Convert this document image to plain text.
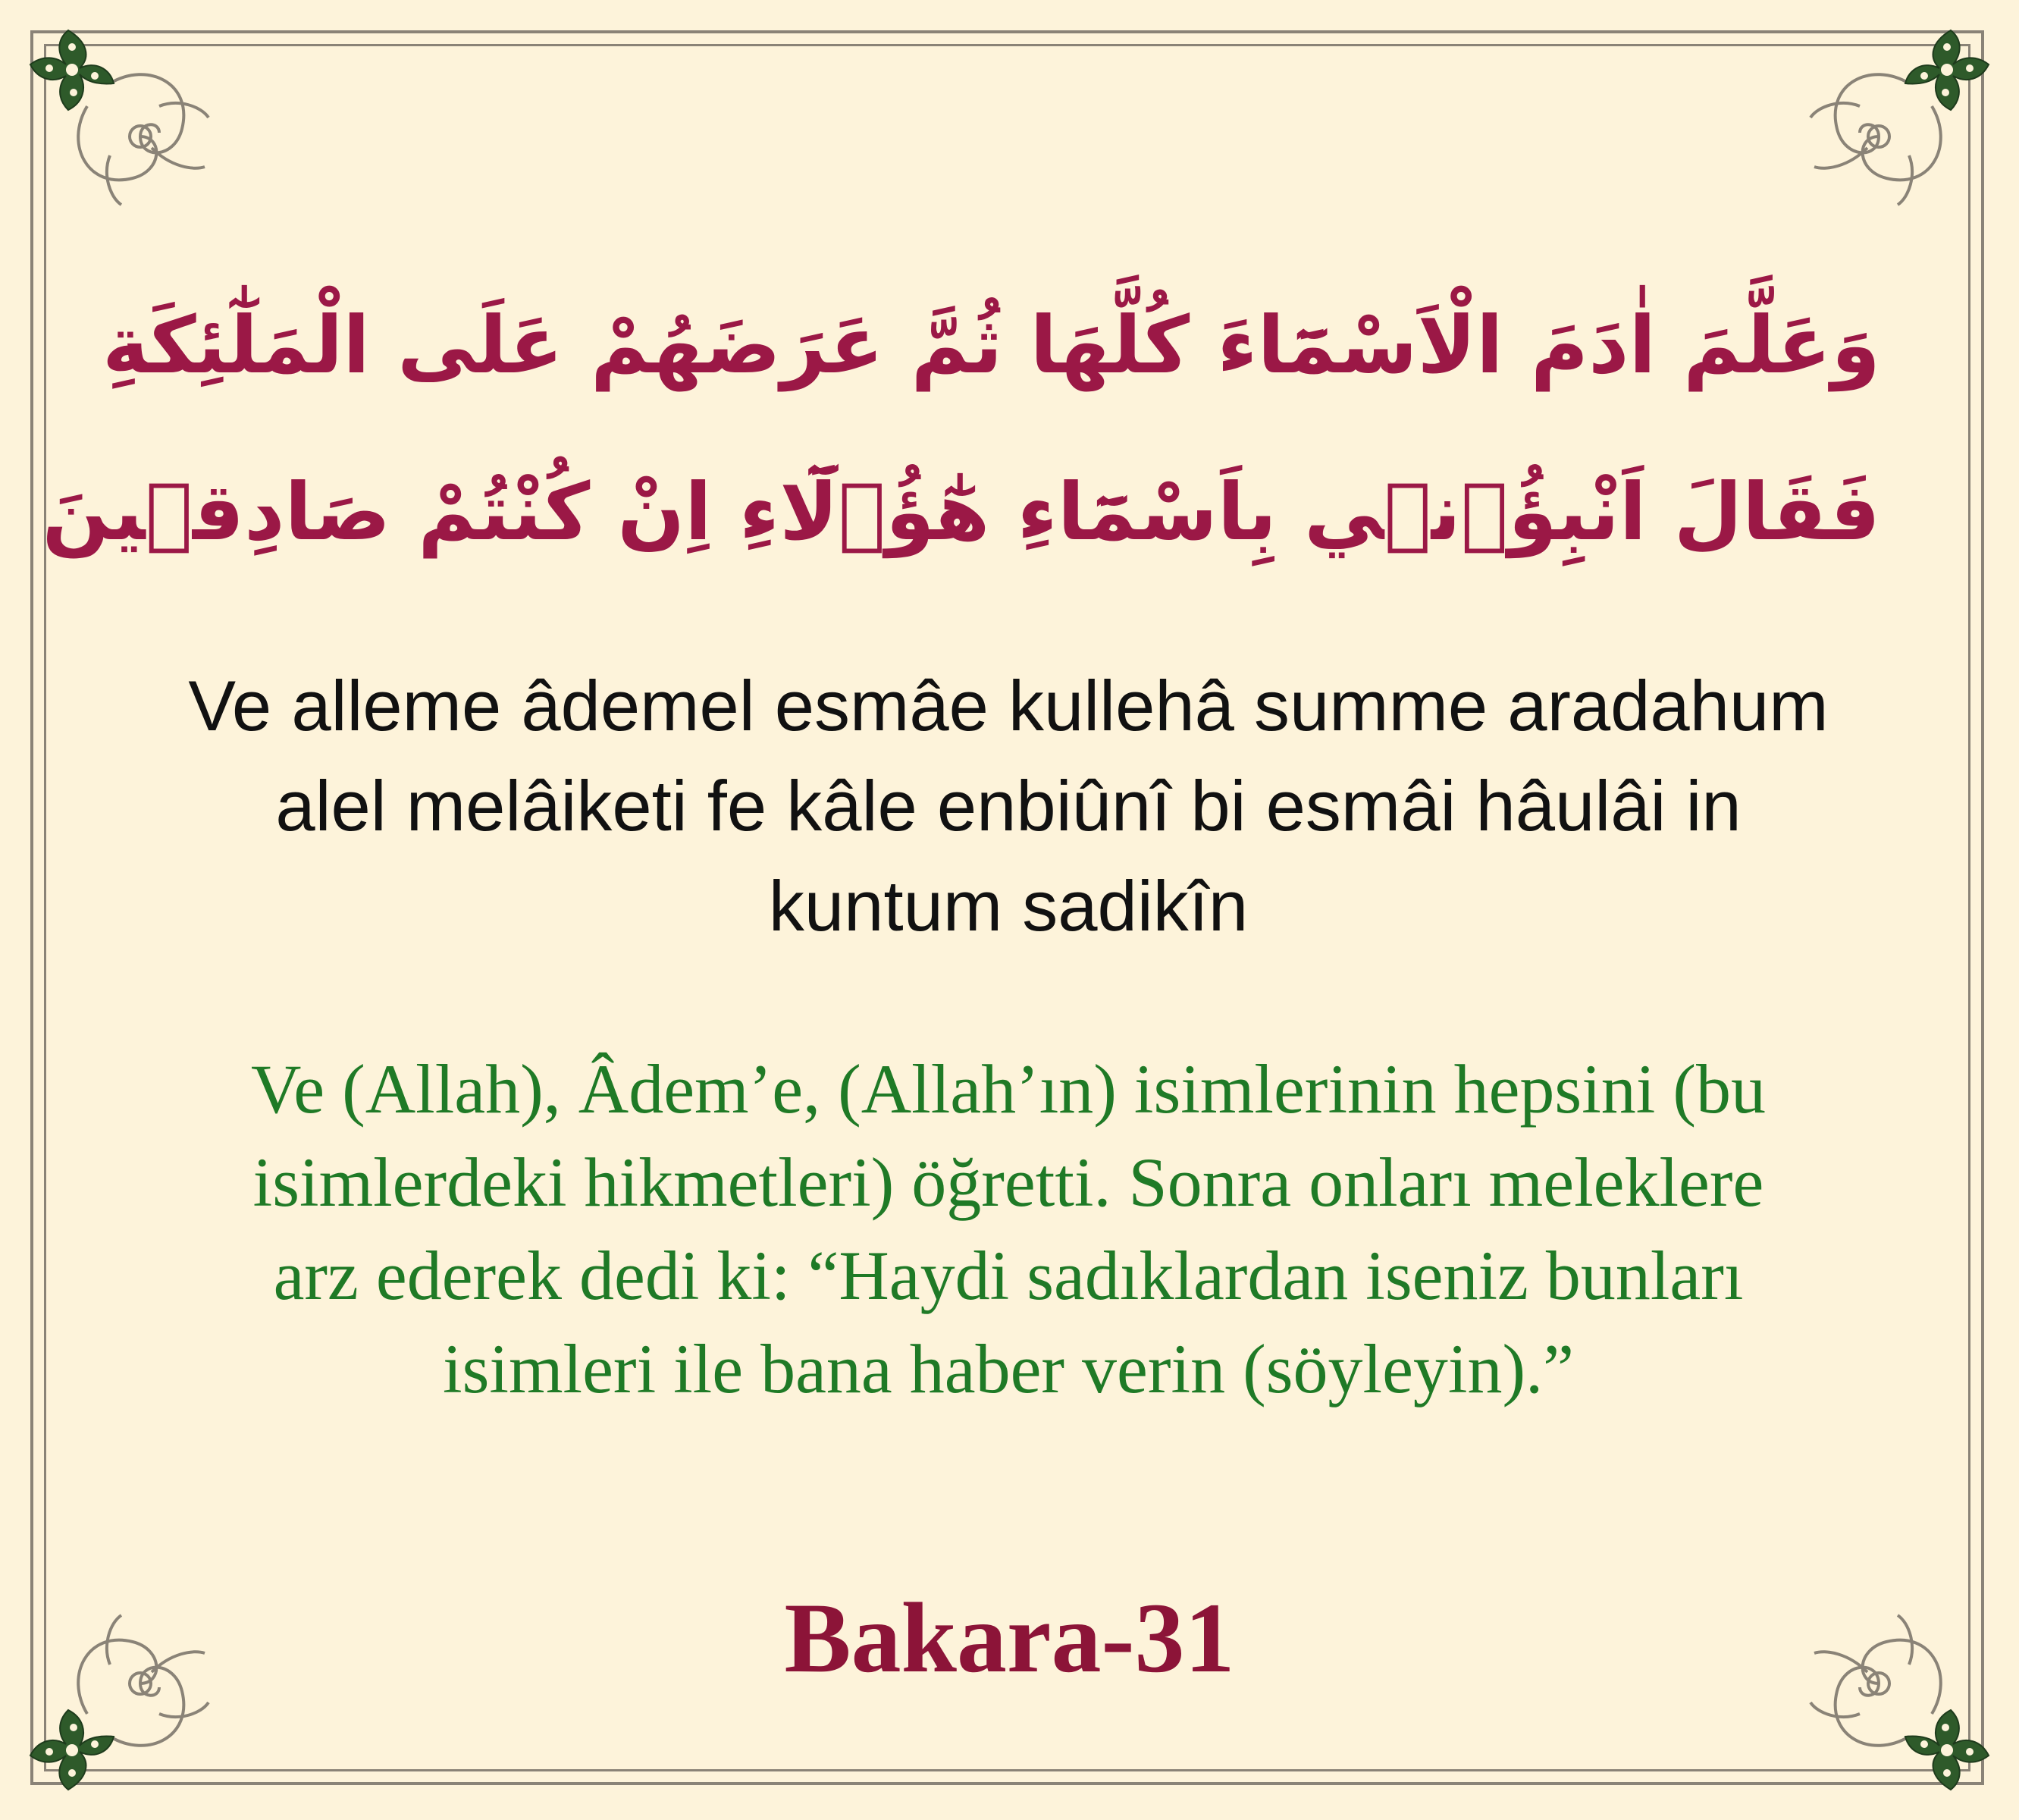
وَعَلَّمَ اٰدَمَ الْاَسْمَٓاءَ كُلَّهَا ثُمَّ عَرَضَهُمْ عَلَى الْمَلٰٓئِكَةِ
فَقَالَ اَنْبِؤُ۫ن۪ي بِاَسْمَٓاءِ هٰٓؤُ۬لَٓاءِ اِنْ كُنْتُمْ صَادِق۪ينَ
Ve alleme âdemel esmâe kullehâ summe aradahum
alel melâiketi fe kâle enbiûnî bi esmâi hâulâi in
kuntum sadikîn
Ve (Allah), Âdem’e, (Allah’ın) isimlerinin hepsini (bu
isimlerdeki hikmetleri) öğretti. Sonra onları meleklere
arz ederek dedi ki: “Haydi sadıklardan iseniz bunları
isimleri ile bana haber verin (söyleyin).”
Bakara-31
